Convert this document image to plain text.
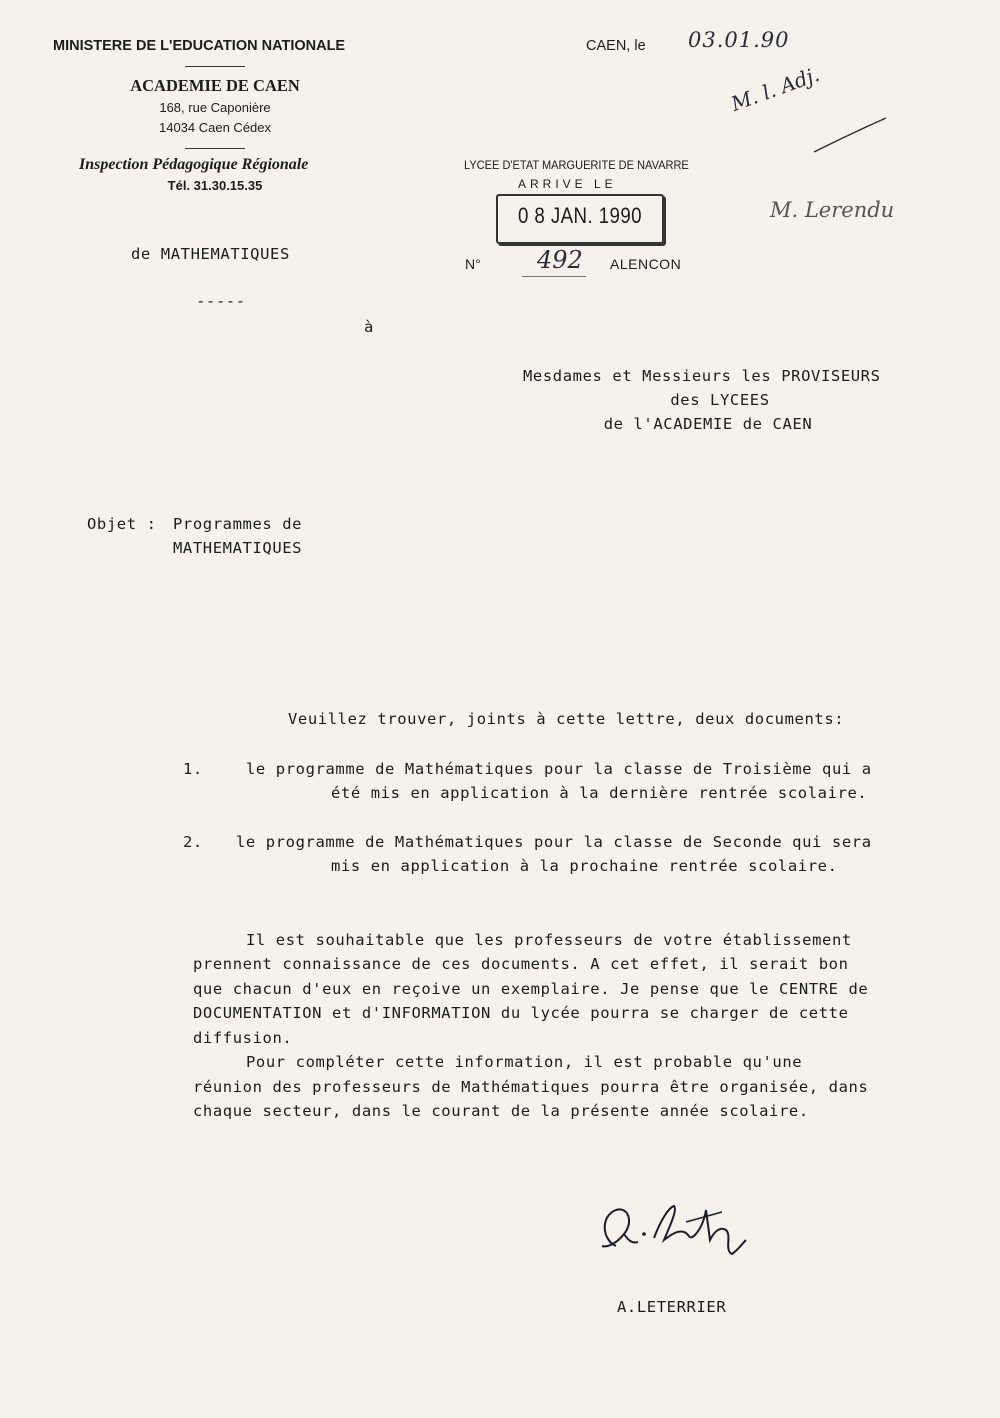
MINISTERE DE L'EDUCATION NATIONALE
ACADEMIE DE CAEN
168, rue Caponière
14034 Caen Cédex
Inspection Pédagogique Régionale
Tél. 31.30.15.35
de MATHEMATIQUES
-----
CAEN, le 03.01.90
M. l. Adj.
M. Lerendu
LYCEE D'ETAT MARGUERITE DE NAVARRE
ARRIVE LE
0 8 JAN. 1990
N° 492 ALENCON
à
Mesdames et Messieurs les PROVISEURS
des LYCEES
de l'ACADEMIE de CAEN
Objet : Programmes de
MATHEMATIQUES
Veuillez trouver, joints à cette lettre, deux documents:
1.	le programme de Mathématiques pour la classe de Troisième qui a
été mis en application à la dernière rentrée scolaire.
2. le programme de Mathématiques pour la classe de Seconde qui sera
mis en application à la prochaine rentrée scolaire.
Il est souhaitable que les professeurs de votre établissement
prennent connaissance de ces documents. A cet effet, il serait bon
que chacun d'eux en reçoive un exemplaire. Je pense que le CENTRE de
DOCUMENTATION et d'INFORMATION du lycée pourra se charger de cette
diffusion.
Pour compléter cette information, il est probable qu'une
réunion des professeurs de Mathématiques pourra être organisée, dans
chaque secteur, dans le courant de la présente année scolaire.
A.LETERRIER
